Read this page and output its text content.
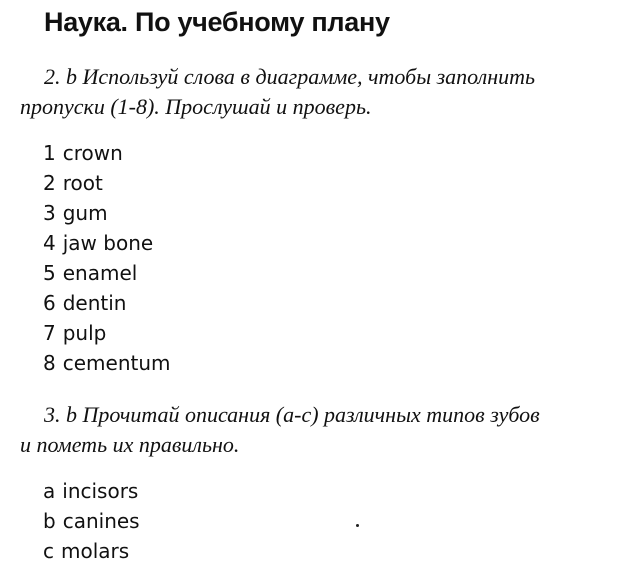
Наука. По учебному плану
2. b Используй слова в диаграмме, чтобы заполнить
пропуски (1-8). Прослушай и проверь.
1 crown
2 root
3 gum
4 jaw bone
5 enamel
6 dentin
7 pulp
8 cementum
3. b Прочитай описания (a-c) различных типов зубов
и пометь их правильно.
a incisors
b canines
c molars
